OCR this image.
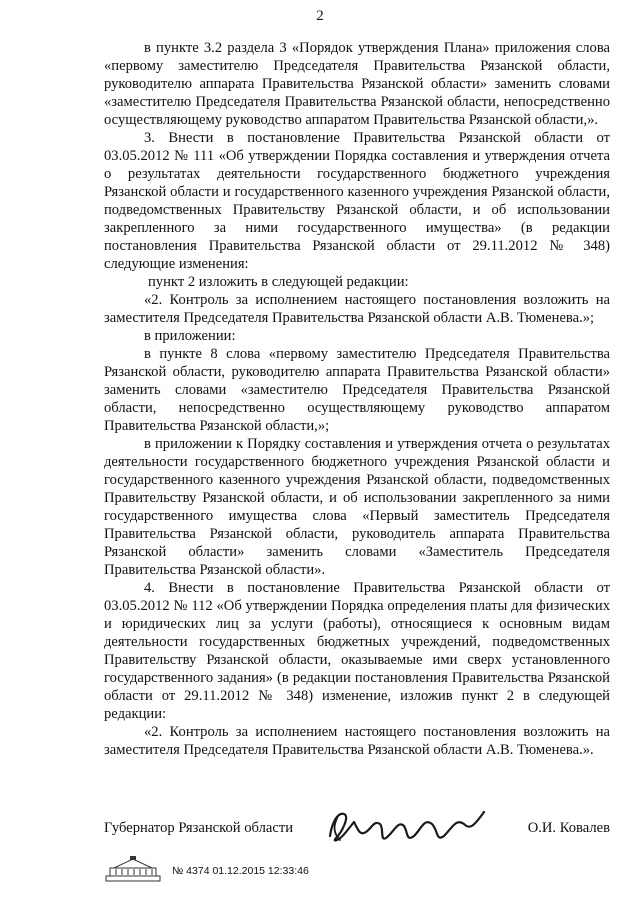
2

в пункте 3.2 раздела 3 «Порядок утверждения Плана» приложения слова «первому заместителю Председателя Правительства Рязанской области, руководителю аппарата Правительства Рязанской области» заменить словами «заместителю Председателя Правительства Рязанской области, непосредственно осуществляющему руководство аппаратом Правительства Рязанской области,».

3. Внести в постановление Правительства Рязанской области от 03.05.2012 № 111 «Об утверждении Порядка составления и утверждения отчета о результатах деятельности государственного бюджетного учреждения Рязанской области и государственного казенного учреждения Рязанской области, подведомственных Правительству Рязанской области, и об использовании закрепленного за ними государственного имущества» (в редакции постановления Правительства Рязанской области от 29.11.2012 № 348) следующие изменения:

пункт 2 изложить в следующей редакции:

«2. Контроль за исполнением настоящего постановления возложить на заместителя Председателя Правительства Рязанской области А.В. Тюменева.»;

в приложении:

в пункте 8 слова «первому заместителю Председателя Правительства Рязанской области, руководителю аппарата Правительства Рязанской области» заменить словами «заместителю Председателя Правительства Рязанской области, непосредственно осуществляющему руководство аппаратом Правительства Рязанской области,»;

в приложении к Порядку составления и утверждения отчета о результатах деятельности государственного бюджетного учреждения Рязанской области и государственного казенного учреждения Рязанской области, подведомственных Правительству Рязанской области, и об использовании закрепленного за ними государственного имущества слова «Первый заместитель Председателя Правительства Рязанской области, руководитель аппарата Правительства Рязанской области» заменить словами «Заместитель Председателя Правительства Рязанской области».

4. Внести в постановление Правительства Рязанской области от 03.05.2012 № 112 «Об утверждении Порядка определения платы для физических и юридических лиц за услуги (работы), относящиеся к основным видам деятельности государственных бюджетных учреждений, подведомственных Правительству Рязанской области, оказываемые ими сверх установленного государственного задания» (в редакции постановления Правительства Рязанской области от 29.11.2012 № 348) изменение, изложив пункт 2 в следующей редакции:

«2. Контроль за исполнением настоящего постановления возложить на заместителя Председателя Правительства Рязанской области А.В. Тюменева.».

Губернатор Рязанской области	О.И. Ковалев
№ 4374 01.12.2015 12:33:46
